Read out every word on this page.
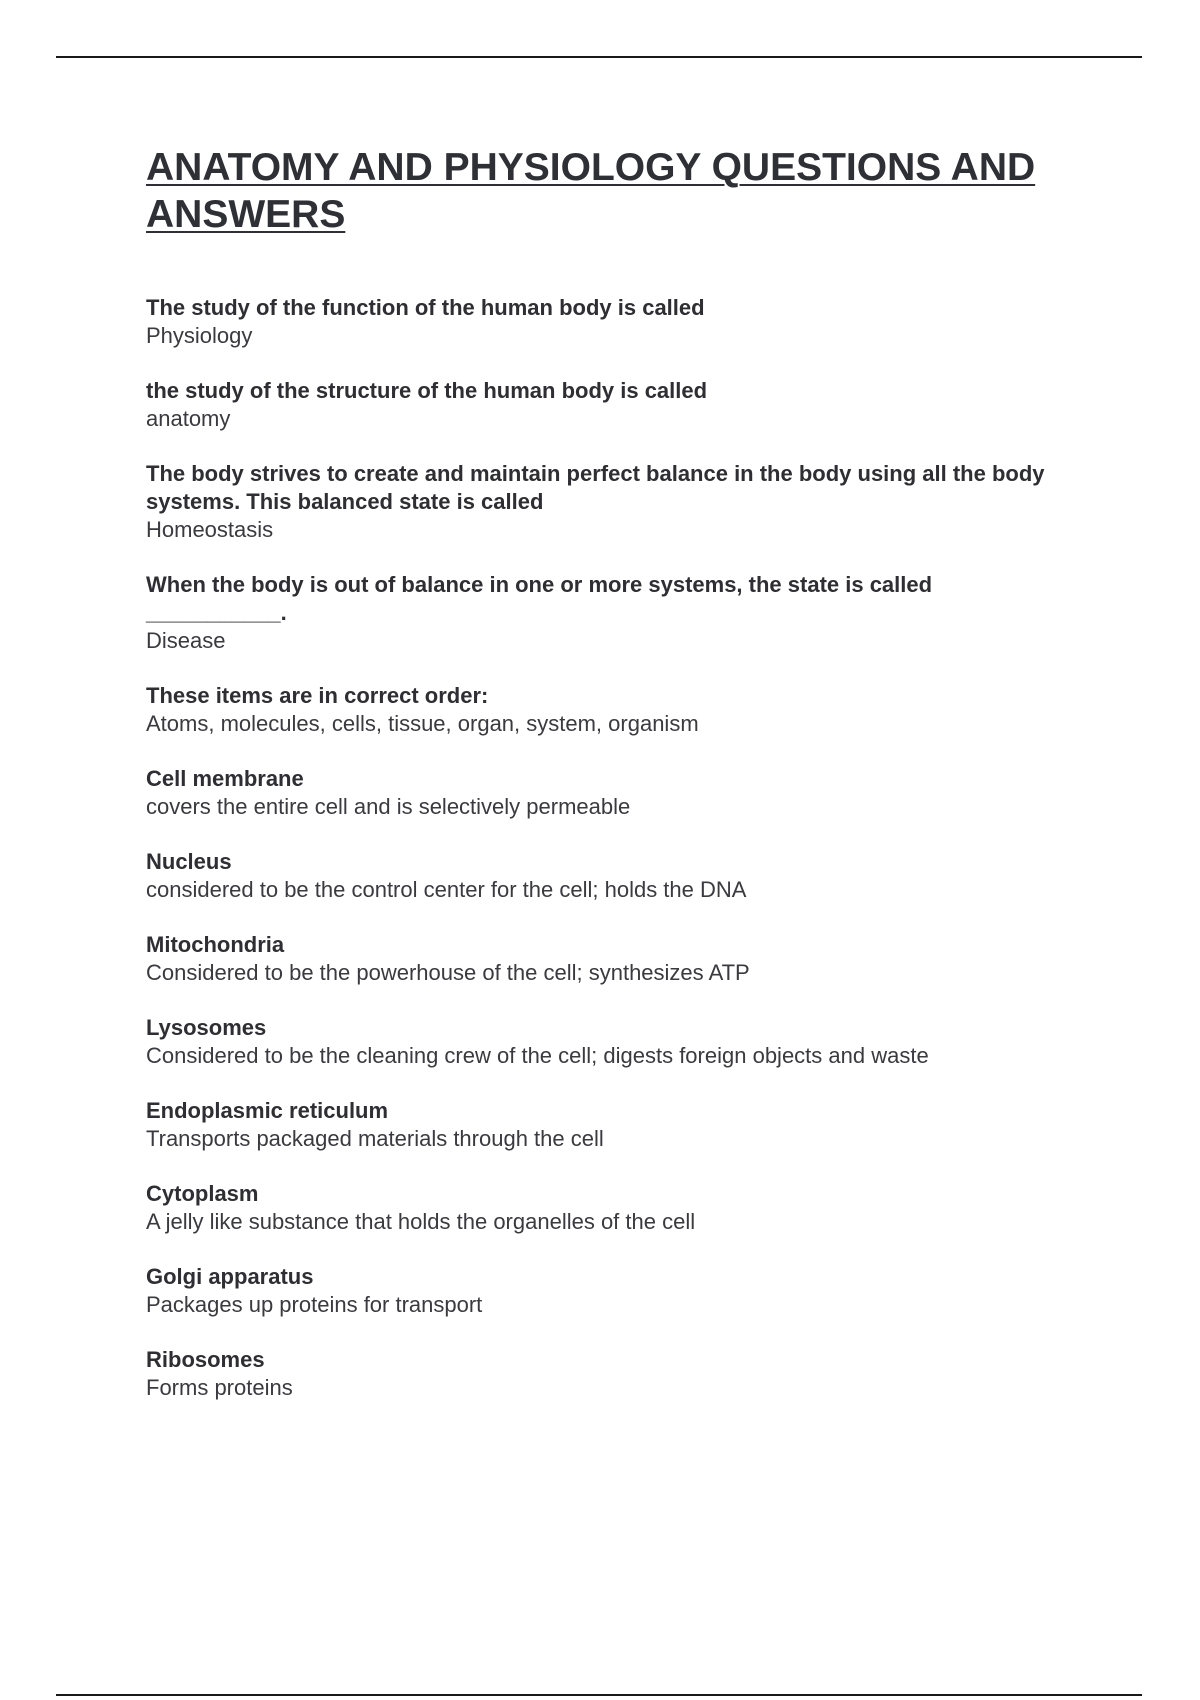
ANATOMY AND PHYSIOLOGY QUESTIONS AND ANSWERS
The study of the function of the human body is called
Physiology
the study of the structure of the human body is called
anatomy
The body strives to create and maintain perfect balance in the body using all the body systems. This balanced state is called
Homeostasis
When the body is out of balance in one or more systems, the state is called
___________.
Disease
These items are in correct order:
Atoms, molecules, cells, tissue, organ, system, organism
Cell membrane
covers the entire cell and is selectively permeable
Nucleus
considered to be the control center for the cell; holds the DNA
Mitochondria
Considered to be the powerhouse of the cell; synthesizes ATP
Lysosomes
Considered to be the cleaning crew of the cell; digests foreign objects and waste
Endoplasmic reticulum
Transports packaged materials through the cell
Cytoplasm
A jelly like substance that holds the organelles of the cell
Golgi apparatus
Packages up proteins for transport
Ribosomes
Forms proteins
